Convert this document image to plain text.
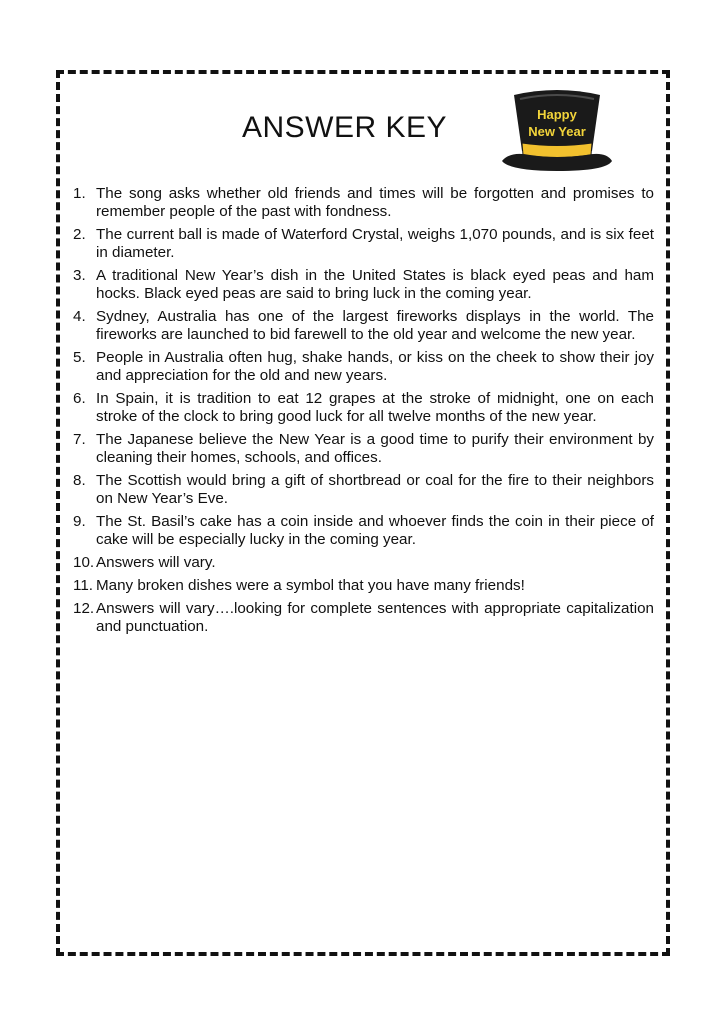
ANSWER KEY	Happy
New Year
1. The song asks whether old friends and times will be forgotten and promises to remember people of the past with fondness.
2. The current ball is made of Waterford Crystal, weighs 1,070 pounds, and is six feet in diameter.
3. A traditional New Year’s dish in the United States is black eyed peas and ham hocks. Black eyed peas are said to bring luck in the coming year.
4. Sydney, Australia has one of the largest fireworks displays in the world. The fireworks are launched to bid farewell to the old year and welcome the new year.
5. People in Australia often hug, shake hands, or kiss on the cheek to show their joy and appreciation for the old and new years.
6. In Spain, it is tradition to eat 12 grapes at the stroke of midnight, one on each stroke of the clock to bring good luck for all twelve months of the new year.
7. The Japanese believe the New Year is a good time to purify their environment by cleaning their homes, schools, and offices.
8. The Scottish would bring a gift of shortbread or coal for the fire to their neighbors on New Year’s Eve.
9. The St. Basil’s cake has a coin inside and whoever finds the coin in their piece of cake will be especially lucky in the coming year.
10. Answers will vary.
11. Many broken dishes were a symbol that you have many friends!
12. Answers will vary….looking for complete sentences with appropriate capitalization and punctuation.
